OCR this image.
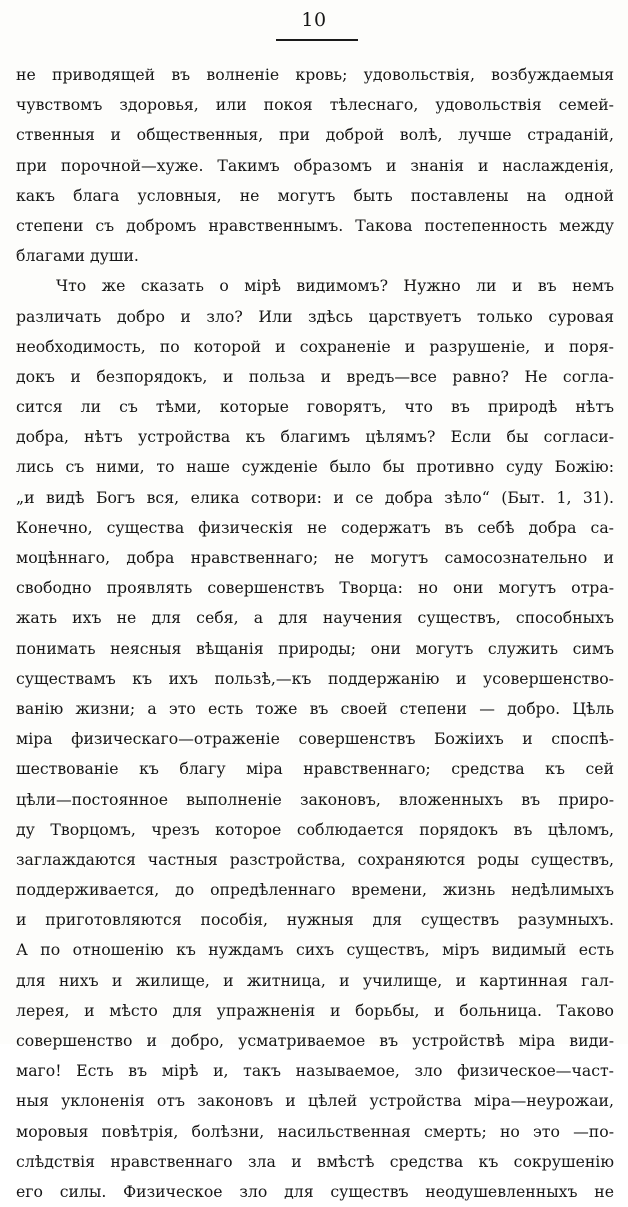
10
не приводящей въ волненіе кровь; удовольствія, возбуждаемыя
чувствомъ здоровья, или покоя тѣлеснаго, удовольствія семей-
ственныя и общественныя, при доброй волѣ, лучше страданій,
при порочной—хуже. Такимъ образомъ и знанія и наслажденія,
какъ блага условныя, не могутъ быть поставлены на одной
степени съ добромъ нравственнымъ. Такова постепенность между
благами души.
Что же сказать о мірѣ видимомъ? Нужно ли и въ немъ
различать добро и зло? Или здѣсь царствуетъ только суровая
необходимость, по которой и сохраненіе и разрушеніе, и поря-
докъ и безпорядокъ, и польза и вредъ—все равно? Не согла-
сится ли съ тѣми, которые говорятъ, что въ природѣ нѣтъ
добра, нѣтъ устройства къ благимъ цѣлямъ? Если бы согласи-
лись съ ними, то наше сужденіе было бы противно суду Божію:
„и видѣ Богъ вся, елика сотвори: и се добра зѣло“ (Быт. 1, 31).
Конечно, существа физическія не содержатъ въ себѣ добра са-
моцѣннаго, добра нравственнаго; не могутъ самосознательно и
свободно проявлять совершенствъ Творца: но они могутъ отра-
жать ихъ не для себя, а для научения существъ, способныхъ
понимать неясныя вѣщанія природы; они могутъ служить симъ
существамъ къ ихъ пользѣ,—къ поддержанію и усовершенство-
ванію жизни; а это есть тоже въ своей степени — добро. Цѣль
міра физическаго—отраженіе совершенствъ Божіихъ и споспѣ-
шествованіе къ благу міра нравственнаго; средства къ сей
цѣли—постоянное выполненіе законовъ, вложенныхъ въ приро-
ду Творцомъ, чрезъ которое соблюдается порядокъ въ цѣломъ,
заглаждаются частныя разстройства, сохраняются роды существъ,
поддерживается, до опредѣленнаго времени, жизнь недѣлимыхъ
и приготовляются пособія, нужныя для существъ разумныхъ.
А по отношенію къ нуждамъ сихъ существъ, міръ видимый есть
для нихъ и жилище, и житница, и училище, и картинная гал-
лерея, и мѣсто для упражненія и борьбы, и больница. Таково
совершенство и добро, усматриваемое въ устройствѣ міра види-
маго! Есть въ мірѣ и, такъ называемое, зло физическое—част-
ныя уклоненія отъ законовъ и цѣлей устройства міра—неурожаи,
моровыя повѣтрія, болѣзни, насильственная смерть; но это —по-
слѣдствія нравственнаго зла и вмѣстѣ средства къ сокрушенію
его силы. Физическое зло для существъ неодушевленныхъ не
